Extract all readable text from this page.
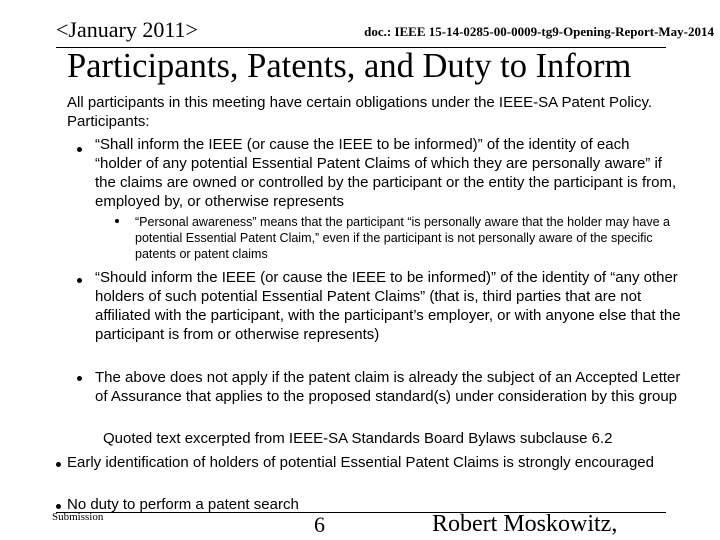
<January 2011>	doc.: IEEE 15-14-0285-00-0009-tg9-Opening-Report-May-2014
Participants, Patents, and Duty to Inform
All participants in this meeting have certain obligations under the IEEE-SA Patent Policy. Participants:
“Shall inform the IEEE (or cause the IEEE to be informed)” of the identity of each “holder of any potential Essential Patent Claims of which they are personally aware” if the claims are owned or controlled by the participant or the entity the participant is from, employed by, or otherwise represents
“Personal awareness” means that the participant “is personally aware that the holder may have a potential Essential Patent Claim,” even if the participant is not personally aware of the specific patents or patent claims
“Should inform the IEEE (or cause the IEEE to be informed)” of the identity of “any other holders of such potential Essential Patent Claims” (that is, third parties that are not affiliated with the participant, with the participant’s employer, or with anyone else that the participant is from or otherwise represents)
The above does not apply if the patent claim is already the subject of an Accepted Letter of Assurance that applies to the proposed standard(s) under consideration by this group
Quoted text excerpted from IEEE-SA Standards Board Bylaws subclause 6.2
Early identification of holders of potential Essential Patent Claims is strongly encouraged
No duty to perform a patent search
Submission	6	Robert Moskowitz,
